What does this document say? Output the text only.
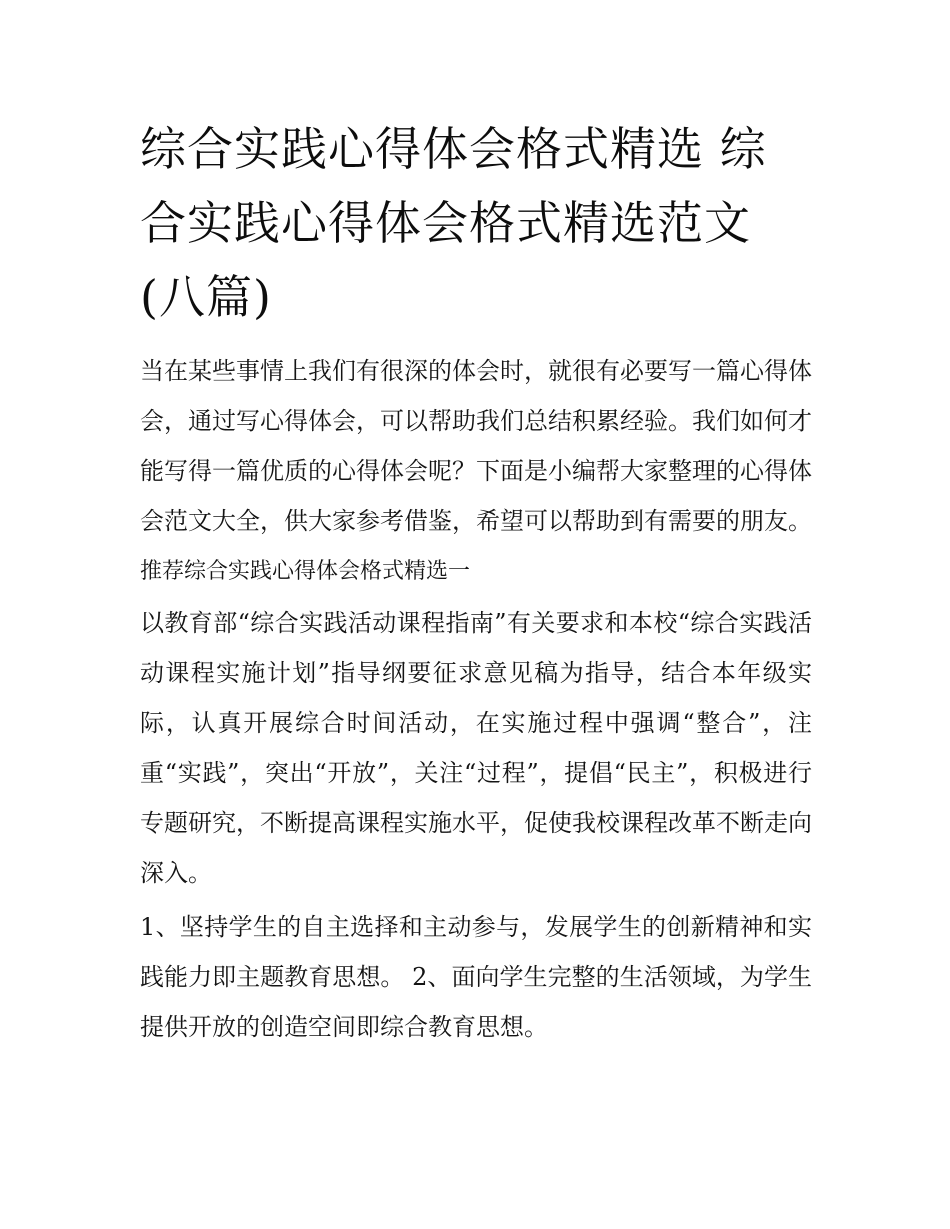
综合实践心得体会格式精选 综合实践心得体会格式精选范文(八篇)

当在某些事情上我们有很深的体会时，就很有必要写一篇心得体会，通过写心得体会，可以帮助我们总结积累经验。我们如何才能写得一篇优质的心得体会呢？下面是小编帮大家整理的心得体会范文大全，供大家参考借鉴，希望可以帮助到有需要的朋友。

推荐综合实践心得体会格式精选一

以教育部“综合实践活动课程指南”有关要求和本校“综合实践活动课程实施计划”指导纲要征求意见稿为指导，结合本年级实际，认真开展综合时间活动，在实施过程中强调“整合”，注重“实践”，突出“开放”，关注“过程”，提倡“民主”，积极进行专题研究，不断提高课程实施水平，促使我校课程改革不断走向深入。

1、坚持学生的自主选择和主动参与，发展学生的创新精神和实践能力即主题教育思想。 2、面向学生完整的生活领域，为学生提供开放的创造空间即综合教育思想。
